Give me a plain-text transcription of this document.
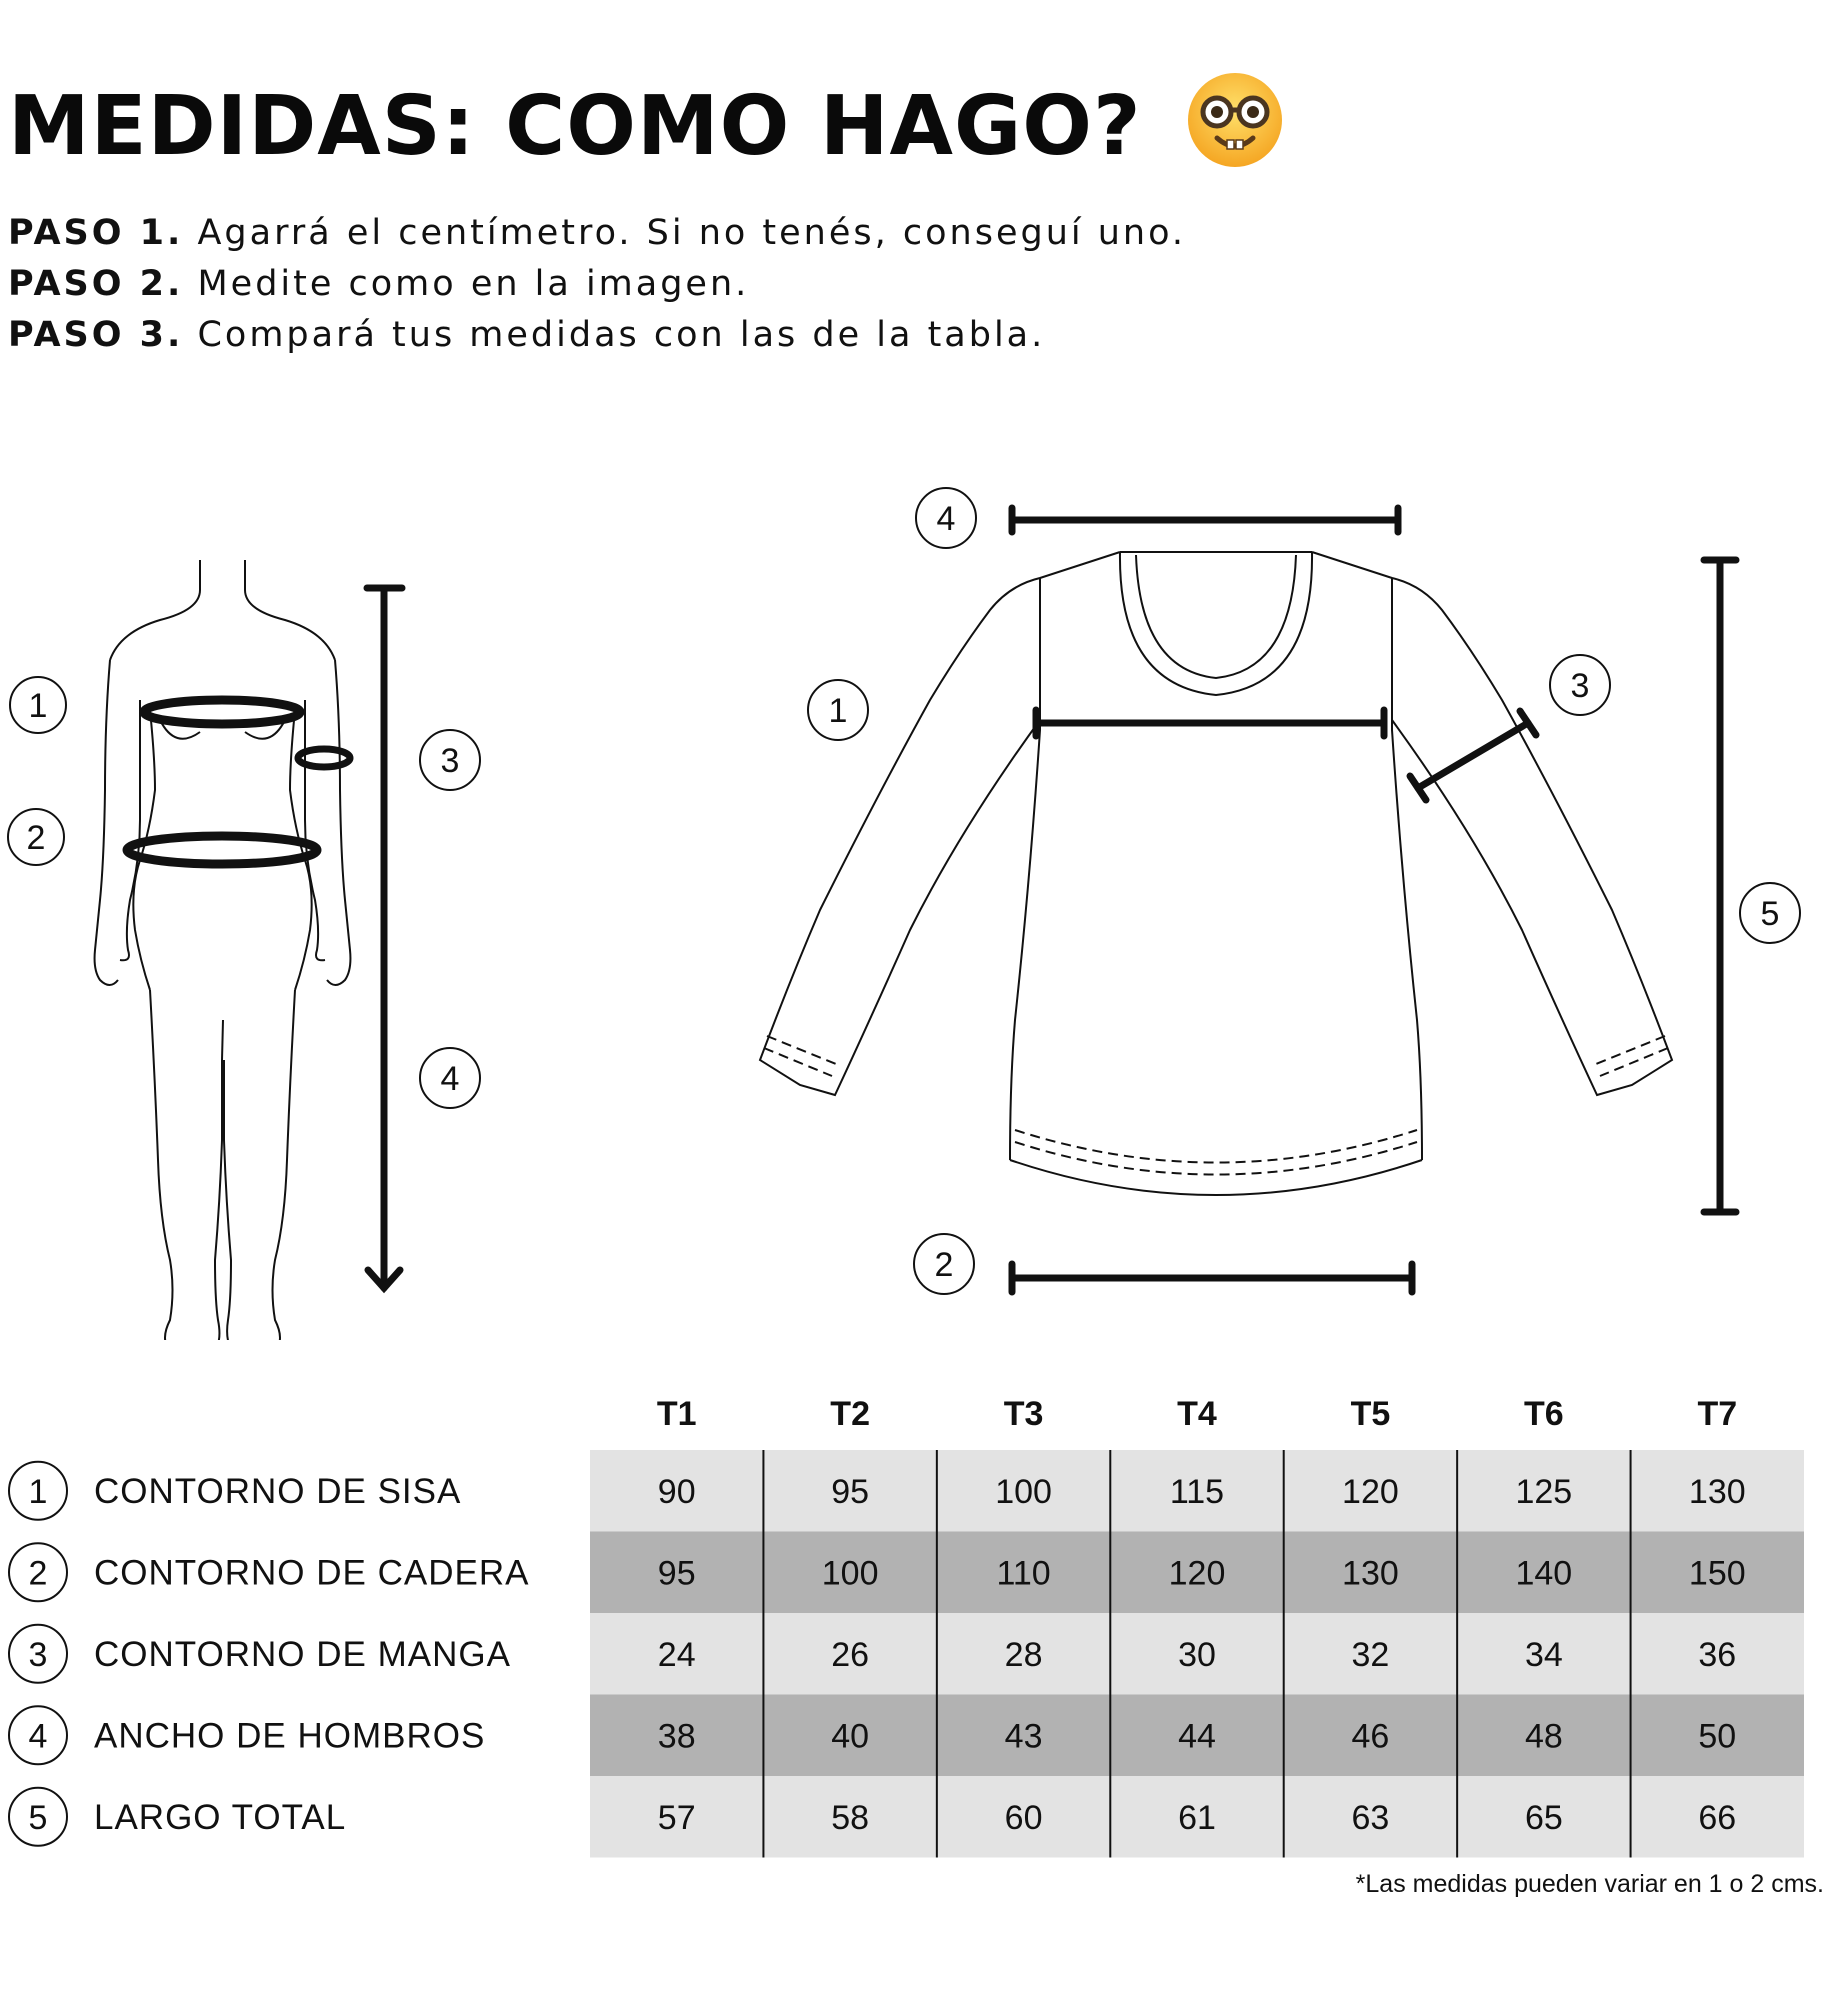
MEDIDAS: COMO HAGO?
PASO 1. Agarrá el centímetro. Si no tenés, conseguí uno.
PASO 2. Medite como en la imagen.
PASO 3. Compará tus medidas con las de la tabla.
1
2
3
4
4
1
3
5
2
T1	T2	T3	T4	T5	T6	T7
1 CONTORNO DE SISA	90	95	100	115	120	125	130
2 CONTORNO DE CADERA	95	100	110	120	130	140	150
3 CONTORNO DE MANGA	24	26	28	30	32	34	36
4 ANCHO DE HOMBROS	38	40	43	44	46	48	50
5 LARGO TOTAL	57	58	60	61	63	65	66
*Las medidas pueden variar en 1 o 2 cms.
